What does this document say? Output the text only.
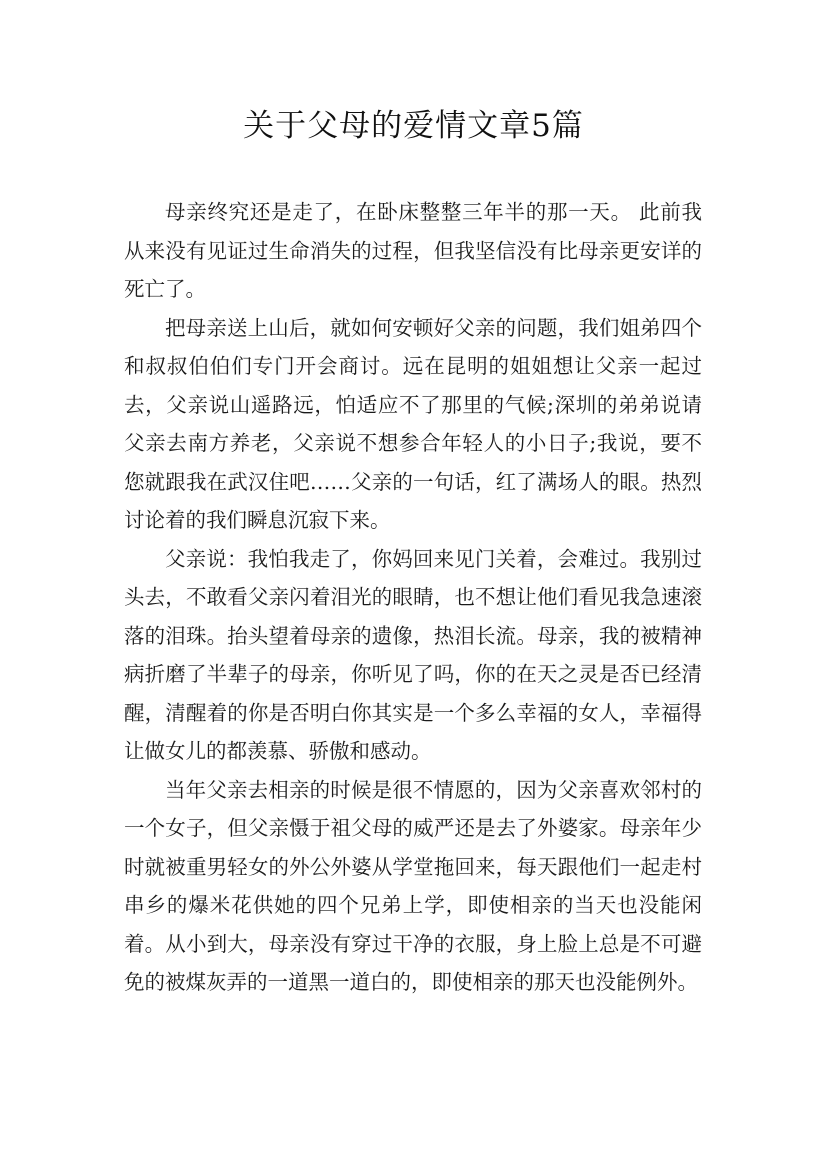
关于父母的爱情文章5篇

母亲终究还是走了，在卧床整整三年半的那一天。 此前我从来没有见证过生命消失的过程，但我坚信没有比母亲更安详的死亡了。

把母亲送上山后，就如何安顿好父亲的问题，我们姐弟四个和叔叔伯伯们专门开会商讨。远在昆明的姐姐想让父亲一起过去，父亲说山遥路远，怕适应不了那里的气候;深圳的弟弟说请父亲去南方养老，父亲说不想参合年轻人的小日子;我说，要不您就跟我在武汉住吧……父亲的一句话，红了满场人的眼。热烈讨论着的我们瞬息沉寂下来。

父亲说：我怕我走了，你妈回来见门关着，会难过。我别过头去，不敢看父亲闪着泪光的眼睛，也不想让他们看见我急速滚落的泪珠。抬头望着母亲的遗像，热泪长流。母亲，我的被精神病折磨了半辈子的母亲，你听见了吗，你的在天之灵是否已经清醒，清醒着的你是否明白你其实是一个多么幸福的女人，幸福得让做女儿的都羡慕、骄傲和感动。

当年父亲去相亲的时候是很不情愿的，因为父亲喜欢邻村的一个女子，但父亲慑于祖父母的威严还是去了外婆家。母亲年少时就被重男轻女的外公外婆从学堂拖回来，每天跟他们一起走村串乡的爆米花供她的四个兄弟上学，即使相亲的当天也没能闲着。从小到大，母亲没有穿过干净的衣服，身上脸上总是不可避免的被煤灰弄的一道黑一道白的，即使相亲的那天也没能例外。
